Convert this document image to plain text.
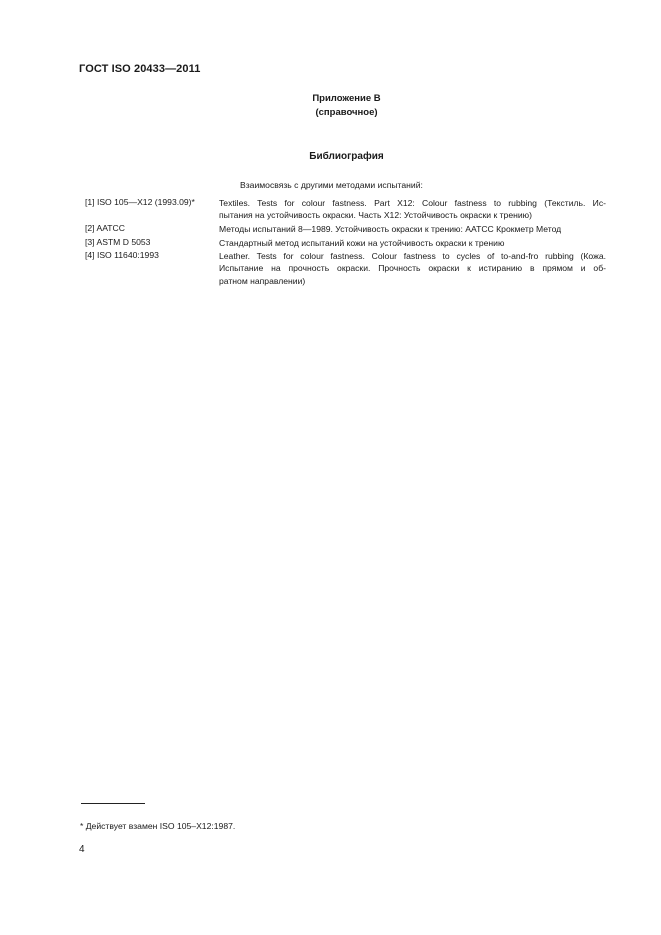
ГОСТ ISO 20433—2011
Приложение В
(справочное)
Библиография
Взаимосвязь с другими методами испытаний:
[1] ISO 105—X12 (1993.09)*	Textiles. Tests for colour fastness. Part X12: Colour fastness to rubbing (Текстиль. Ис-
пытания на устойчивость окраски. Часть X12: Устойчивость окраски к трению)
[2] AATCC	Методы испытаний 8—1989. Устойчивость окраски к трению: AATCC Крокметр Метод
[3] ASTM D 5053	Стандартный метод испытаний кожи на устойчивость окраски к трению
[4] ISO 11640:1993	Leather. Tests for colour fastness. Colour fastness to cycles of to-and-fro rubbing (Кожа.
Испытание на прочность окраски. Прочность окраски к истиранию в прямом и об-
ратном направлении)
* Действует взамен ISO 105–X12:1987.
4
